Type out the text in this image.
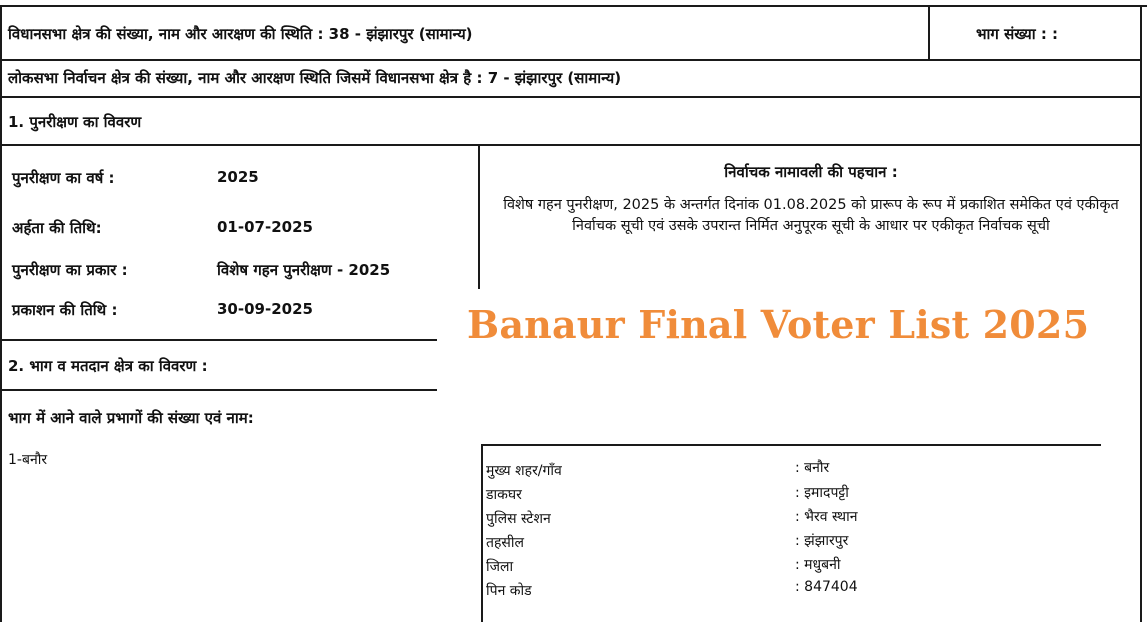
विधानसभा क्षेत्र की संख्या, नाम और आरक्षण की स्थिति : 38 - झंझारपुर (सामान्य)	भाग संख्या : :
लोकसभा निर्वाचन क्षेत्र की संख्या, नाम और आरक्षण स्थिति जिसमें विधानसभा क्षेत्र है : 7 - झंझारपुर (सामान्य)
1. पुनरीक्षण का विवरण
पुनरीक्षण का वर्ष :	2025
अर्हता की तिथि:	01-07-2025
पुनरीक्षण का प्रकार :	विशेष गहन पुनरीक्षण - 2025
प्रकाशन की तिथि :	30-09-2025
निर्वाचक नामावली की पहचान :
विशेष गहन पुनरीक्षण, 2025 के अन्तर्गत दिनांक 01.08.2025 को प्रारूप के रूप में प्रकाशित समेकित एवं एकीकृत निर्वाचक सूची एवं उसके उपरान्त निर्मित अनुपूरक सूची के आधार पर एकीकृत निर्वाचक सूची
Banaur Final Voter List 2025
2. भाग व मतदान क्षेत्र का विवरण :
भाग में आने वाले प्रभागों की संख्या एवं नाम:
1-बनौर
मुख्य शहर/गाँव	: बनौर
डाकघर	: इमादपट्टी
पुलिस स्टेशन	: भैरव स्थान
तहसील	: झंझारपुर
जिला	: मधुबनी
पिन कोड	: 847404
